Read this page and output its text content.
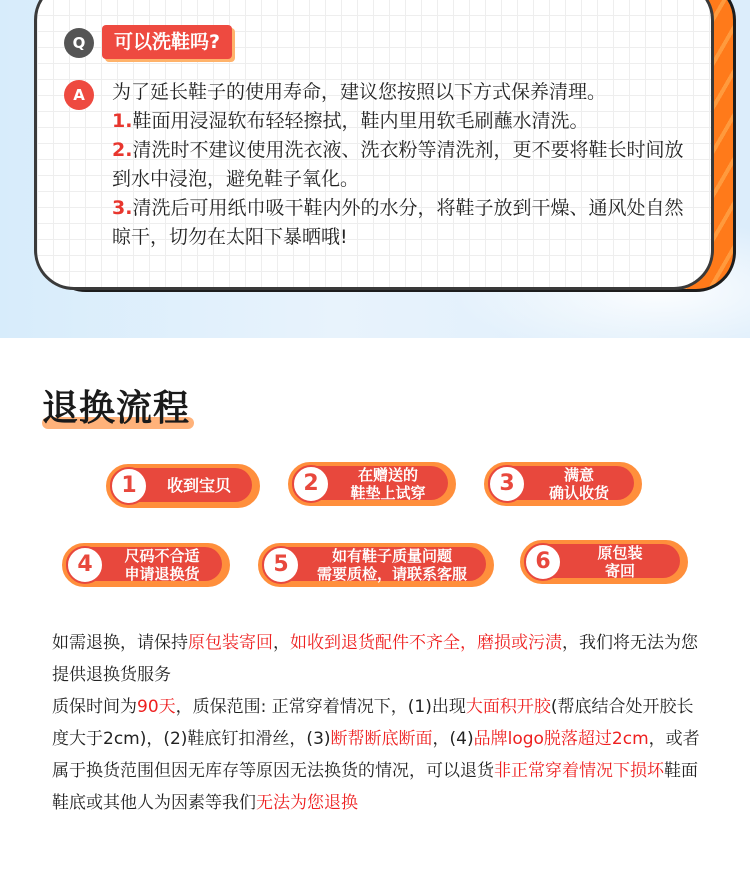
Q	可以洗鞋吗?
A	为了延长鞋子的使用寿命，建议您按照以下方式保养清理。

1.鞋面用浸湿软布轻轻擦拭，鞋内里用软毛刷蘸水清洗。

2.清洗时不建议使用洗衣液、洗衣粉等清洗剂，更不要将鞋长时间放到水中浸泡，避免鞋子氧化。

3.清洗后可用纸巾吸干鞋内外的水分，将鞋子放到干燥、通风处自然晾干，切勿在太阳下暴晒哦!

退换流程
1	收到宝贝	2	在赠送的
鞋垫上试穿	3	满意
确认收货
4	尺码不合适
申请退换货	5	如有鞋子质量问题
需要质检，请联系客服	6	原包装
寄回

如需退换，请保持原包装寄回，如收到退货配件不齐全，磨损或污渍，我们将无法为您提供退换货服务

质保时间为90天，质保范围: 正常穿着情况下，(1)出现大面积开胶(帮底结合处开胶长度大于2cm)，(2)鞋底钉扣滑丝，(3)断帮断底断面，(4)品牌logo脱落超过2cm，或者属于换货范围但因无库存等原因无法换货的情况，可以退货非正常穿着情况下损坏鞋面鞋底或其他人为因素等我们无法为您退换
